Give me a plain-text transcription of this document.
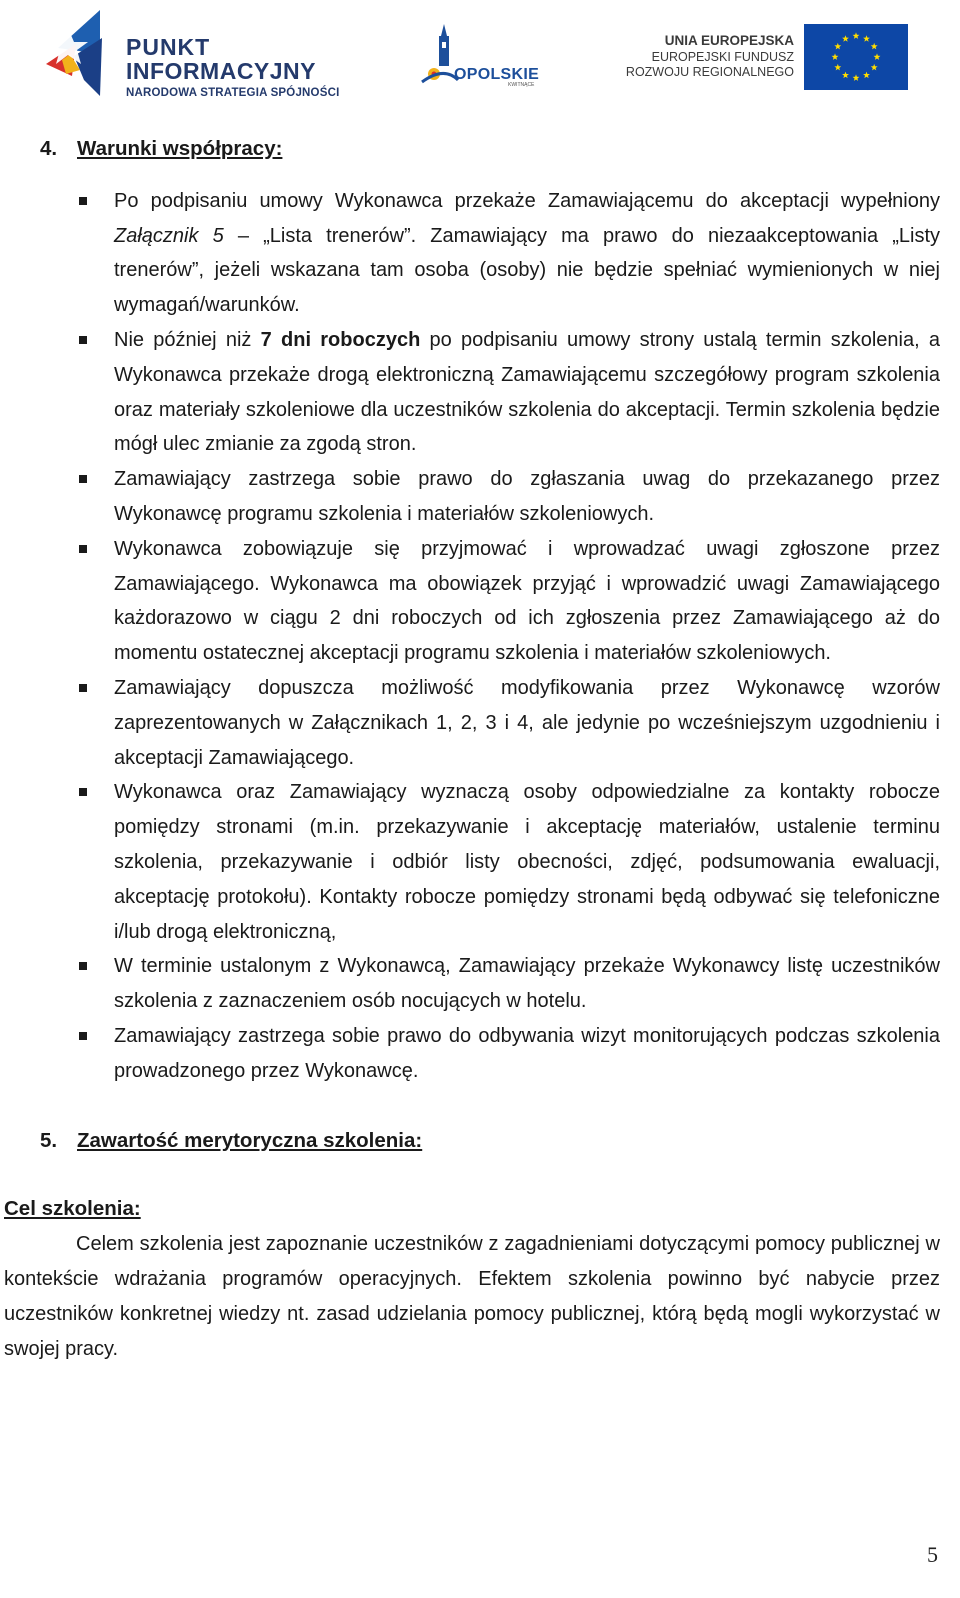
PUNKT
INFORMACYJNY
NARODOWA STRATEGIA SPÓJNOŚCI
OPOLSKIE
KWITNĄCE
UNIA EUROPEJSKA
EUROPEJSKI FUNDUSZ
ROZWOJU REGIONALNEGO
4. Warunki współpracy:
Po podpisaniu umowy Wykonawca przekaże Zamawiającemu do akceptacji wypełniony Załącznik 5 – „Lista trenerów”. Zamawiający ma prawo do niezaakceptowania „Listy trenerów”, jeżeli wskazana tam osoba (osoby) nie będzie spełniać wymienionych w niej wymagań/warunków.
Nie później niż 7 dni roboczych po podpisaniu umowy strony ustalą termin szkolenia, a Wykonawca przekaże drogą elektroniczną Zamawiającemu szczegółowy program szkolenia oraz materiały szkoleniowe dla uczestników szkolenia do akceptacji. Termin szkolenia będzie mógł ulec zmianie za zgodą stron.
Zamawiający zastrzega sobie prawo do zgłaszania uwag do przekazanego przez Wykonawcę programu szkolenia i materiałów szkoleniowych.
Wykonawca zobowiązuje się przyjmować i wprowadzać uwagi zgłoszone przez Zamawiającego. Wykonawca ma obowiązek przyjąć i wprowadzić uwagi Zamawiającego każdorazowo w ciągu 2 dni roboczych od ich zgłoszenia przez Zamawiającego aż do momentu ostatecznej akceptacji programu szkolenia i materiałów szkoleniowych.
Zamawiający dopuszcza możliwość modyfikowania przez Wykonawcę wzorów zaprezentowanych w Załącznikach 1, 2, 3 i 4, ale jedynie po wcześniejszym uzgodnieniu i akceptacji Zamawiającego.
Wykonawca oraz Zamawiający wyznaczą osoby odpowiedzialne za kontakty robocze pomiędzy stronami (m.in. przekazywanie i akceptację materiałów, ustalenie terminu szkolenia, przekazywanie i odbiór listy obecności, zdjęć, podsumowania ewaluacji, akceptację protokołu). Kontakty robocze pomiędzy stronami będą odbywać się telefoniczne i/lub drogą elektroniczną,
W terminie ustalonym z Wykonawcą, Zamawiający przekaże Wykonawcy listę uczestników szkolenia z zaznaczeniem osób nocujących w hotelu.
Zamawiający zastrzega sobie prawo do odbywania wizyt monitorujących podczas szkolenia prowadzonego przez Wykonawcę.
5. Zawartość merytoryczna szkolenia:
Cel szkolenia:

Celem szkolenia jest zapoznanie uczestników z zagadnieniami dotyczącymi pomocy publicznej w kontekście wdrażania programów operacyjnych. Efektem szkolenia powinno być nabycie przez uczestników konkretnej wiedzy nt. zasad udzielania pomocy publicznej, którą będą mogli wykorzystać w swojej pracy.

5
